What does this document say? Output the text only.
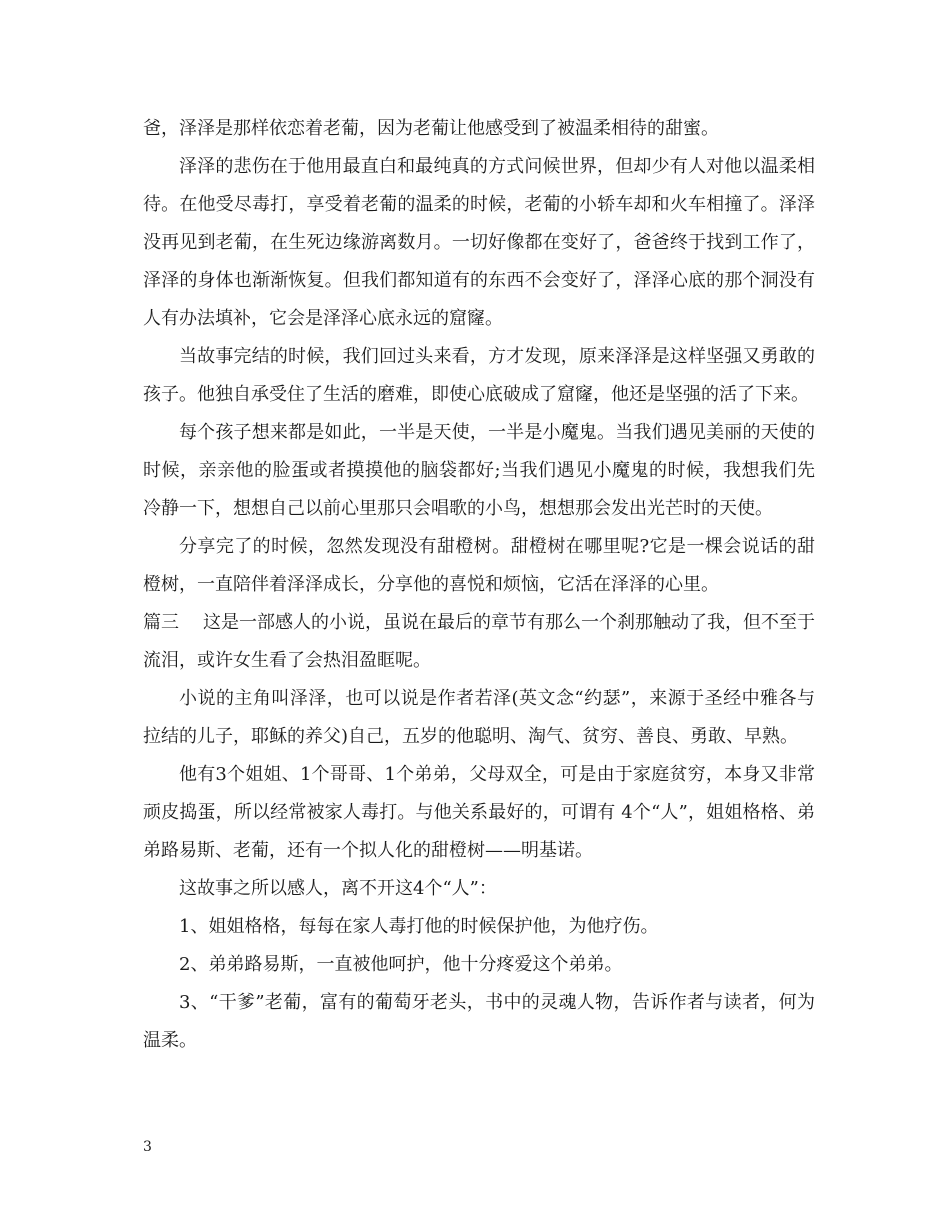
爸，泽泽是那样依恋着老葡，因为老葡让他感受到了被温柔相待的甜蜜。

泽泽的悲伤在于他用最直白和最纯真的方式问候世界，但却少有人对他以温柔相待。在他受尽毒打，享受着老葡的温柔的时候，老葡的小轿车却和火车相撞了。泽泽没再见到老葡，在生死边缘游离数月。一切好像都在变好了，爸爸终于找到工作了，泽泽的身体也渐渐恢复。但我们都知道有的东西不会变好了，泽泽心底的那个洞没有人有办法填补，它会是泽泽心底永远的窟窿。

当故事完结的时候，我们回过头来看，方才发现，原来泽泽是这样坚强又勇敢的孩子。他独自承受住了生活的磨难，即使心底破成了窟窿，他还是坚强的活了下来。

每个孩子想来都是如此，一半是天使，一半是小魔鬼。当我们遇见美丽的天使的时候，亲亲他的脸蛋或者摸摸他的脑袋都好;当我们遇见小魔鬼的时候，我想我们先冷静一下，想想自己以前心里那只会唱歌的小鸟，想想那会发出光芒时的天使。

分享完了的时候，忽然发现没有甜橙树。甜橙树在哪里呢?它是一棵会说话的甜橙树，一直陪伴着泽泽成长，分享他的喜悦和烦恼，它活在泽泽的心里。

篇三 这是一部感人的小说，虽说在最后的章节有那么一个刹那触动了我，但不至于流泪，或许女生看了会热泪盈眶呢。

小说的主角叫泽泽，也可以说是作者若泽(英文念“约瑟”，来源于圣经中雅各与拉结的儿子，耶稣的养父)自己，五岁的他聪明、淘气、贫穷、善良、勇敢、早熟。

他有3个姐姐、1个哥哥、1个弟弟，父母双全，可是由于家庭贫穷，本身又非常顽皮捣蛋，所以经常被家人毒打。与他关系最好的，可谓有 4个“人”，姐姐格格、弟弟路易斯、老葡，还有一个拟人化的甜橙树——明基诺。

这故事之所以感人，离不开这4个“人”：

1、姐姐格格，每每在家人毒打他的时候保护他，为他疗伤。

2、弟弟路易斯，一直被他呵护，他十分疼爱这个弟弟。

3、“干爹”老葡，富有的葡萄牙老头，书中的灵魂人物，告诉作者与读者，何为温柔。

3
